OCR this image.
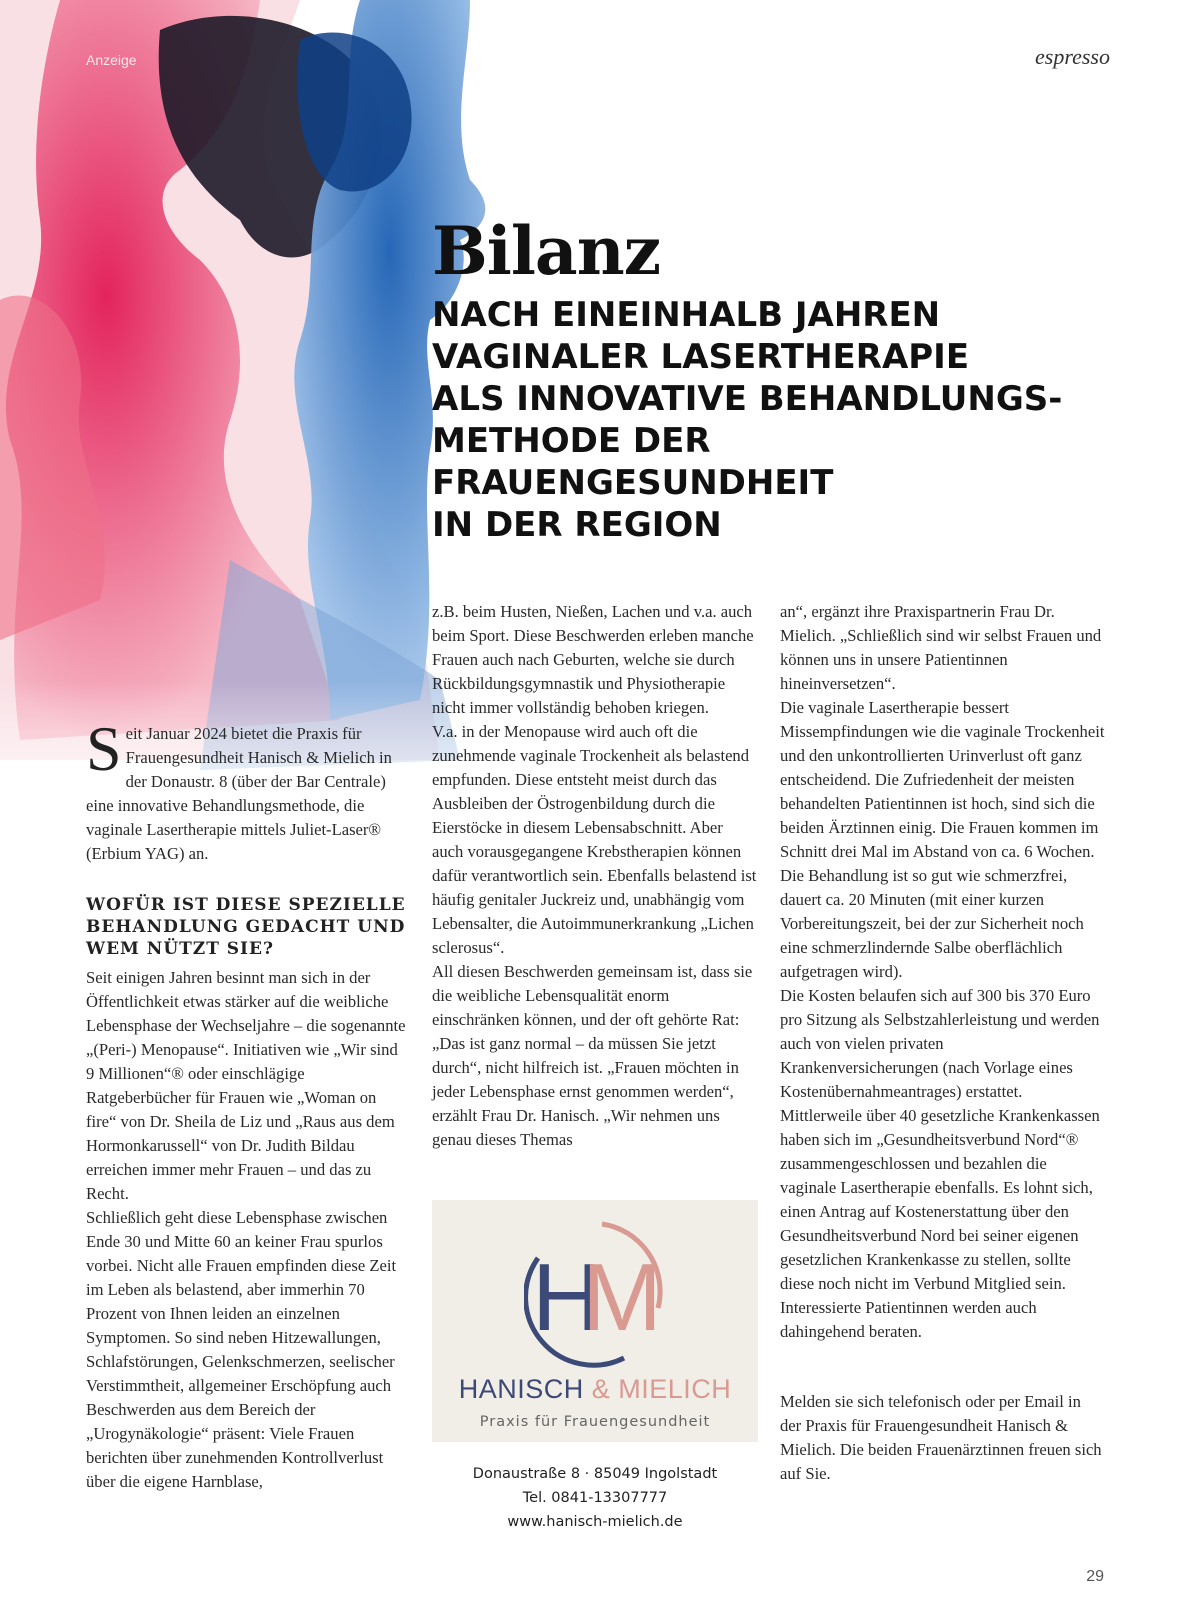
Anzeige	espresso
Bilanz
NACH EINEINHALB JAHREN
VAGINALER LASERTHERAPIE
ALS INNOVATIVE BEHANDLUNGS-
METHODE DER
FRAUENGESUNDHEIT
IN DER REGION

Seit Januar 2024 bietet die Praxis für Frauengesundheit Hanisch & Mielich in der Donaustr. 8 (über der Bar Centrale) eine innovative Behandlungsmethode, die vaginale Lasertherapie mittels Juliet-Laser® (Erbium YAG) an.

WOFÜR IST DIESE SPEZIELLE BEHANDLUNG GEDACHT UND WEM NÜTZT SIE?

Seit einigen Jahren besinnt man sich in der Öffentlichkeit etwas stärker auf die weibliche Lebensphase der Wechseljahre – die sogenannte „(Peri-) Menopause“. Initiativen wie „Wir sind 9 Millionen“® oder einschlägige Ratgeberbücher für Frauen wie „Woman on fire“ von Dr. Sheila de Liz und „Raus aus dem Hormonkarussell“ von Dr. Judith Bildau erreichen immer mehr Frauen – und das zu Recht.

Schließlich geht diese Lebensphase zwischen Ende 30 und Mitte 60 an keiner Frau spurlos vorbei. Nicht alle Frauen empfinden diese Zeit im Leben als belastend, aber immerhin 70 Prozent von Ihnen leiden an einzelnen Symptomen. So sind neben Hitzewallungen, Schlafstörungen, Gelenkschmerzen, seelischer Verstimmtheit, allgemeiner Erschöpfung auch Beschwerden aus dem Bereich der „Urogynäkologie“ präsent: Viele Frauen berichten über zunehmenden Kontrollverlust über die eigene Harnblase,

z.B. beim Husten, Nießen, Lachen und v.a. auch beim Sport. Diese Beschwerden erleben manche Frauen auch nach Geburten, welche sie durch Rückbildungsgymnastik und Physiotherapie nicht immer vollständig behoben kriegen.

V.a. in der Menopause wird auch oft die zunehmende vaginale Trockenheit als belastend empfunden. Diese entsteht meist durch das Ausbleiben der Östrogenbildung durch die Eierstöcke in diesem Lebensabschnitt. Aber auch vorausgegangene Krebstherapien können dafür verantwortlich sein. Ebenfalls belastend ist häufig genitaler Juckreiz und, unabhängig vom Lebensalter, die Autoimmunerkrankung „Lichen sclerosus“.

All diesen Beschwerden gemeinsam ist, dass sie die weibliche Lebensqualität enorm einschränken können, und der oft gehörte Rat: „Das ist ganz normal – da müssen Sie jetzt durch“, nicht hilfreich ist. „Frauen möchten in jeder Lebensphase ernst genommen werden“, erzählt Frau Dr. Hanisch. „Wir nehmen uns genau dieses Themas

H
M
HANISCH & MIELICH
Praxis für Frauengesundheit
Donaustraße 8 · 85049 Ingolstadt
Tel. 0841-13307777
www.hanisch-mielich.de

an“, ergänzt ihre Praxispartnerin Frau Dr. Mielich. „Schließlich sind wir selbst Frauen und können uns in unsere Patientinnen hineinversetzen“.

Die vaginale Lasertherapie bessert Missempfindungen wie die vaginale Trockenheit und den unkontrollierten Urinverlust oft ganz entscheidend. Die Zufriedenheit der meisten behandelten Patientinnen ist hoch, sind sich die beiden Ärztinnen einig. Die Frauen kommen im Schnitt drei Mal im Abstand von ca. 6 Wochen. Die Behandlung ist so gut wie schmerzfrei, dauert ca. 20 Minuten (mit einer kurzen Vorbereitungszeit, bei der zur Sicherheit noch eine schmerzlindernde Salbe oberflächlich aufgetragen wird).

Die Kosten belaufen sich auf 300 bis 370 Euro pro Sitzung als Selbstzahlerleistung und werden auch von vielen privaten Krankenversicherungen (nach Vorlage eines Kostenübernahmeantrages) erstattet. Mittlerweile über 40 gesetzliche Krankenkassen haben sich im „Gesundheitsverbund Nord“® zusammengeschlossen und bezahlen die vaginale Lasertherapie ebenfalls. Es lohnt sich, einen Antrag auf Kostenerstattung über den Gesundheitsverbund Nord bei seiner eigenen gesetzlichen Krankenkasse zu stellen, sollte diese noch nicht im Verbund Mitglied sein. Interessierte Patientinnen werden auch dahingehend beraten.

Melden sie sich telefonisch oder per Email in der Praxis für Frauengesundheit Hanisch & Mielich. Die beiden Frauenärztinnen freuen sich auf Sie.

29
